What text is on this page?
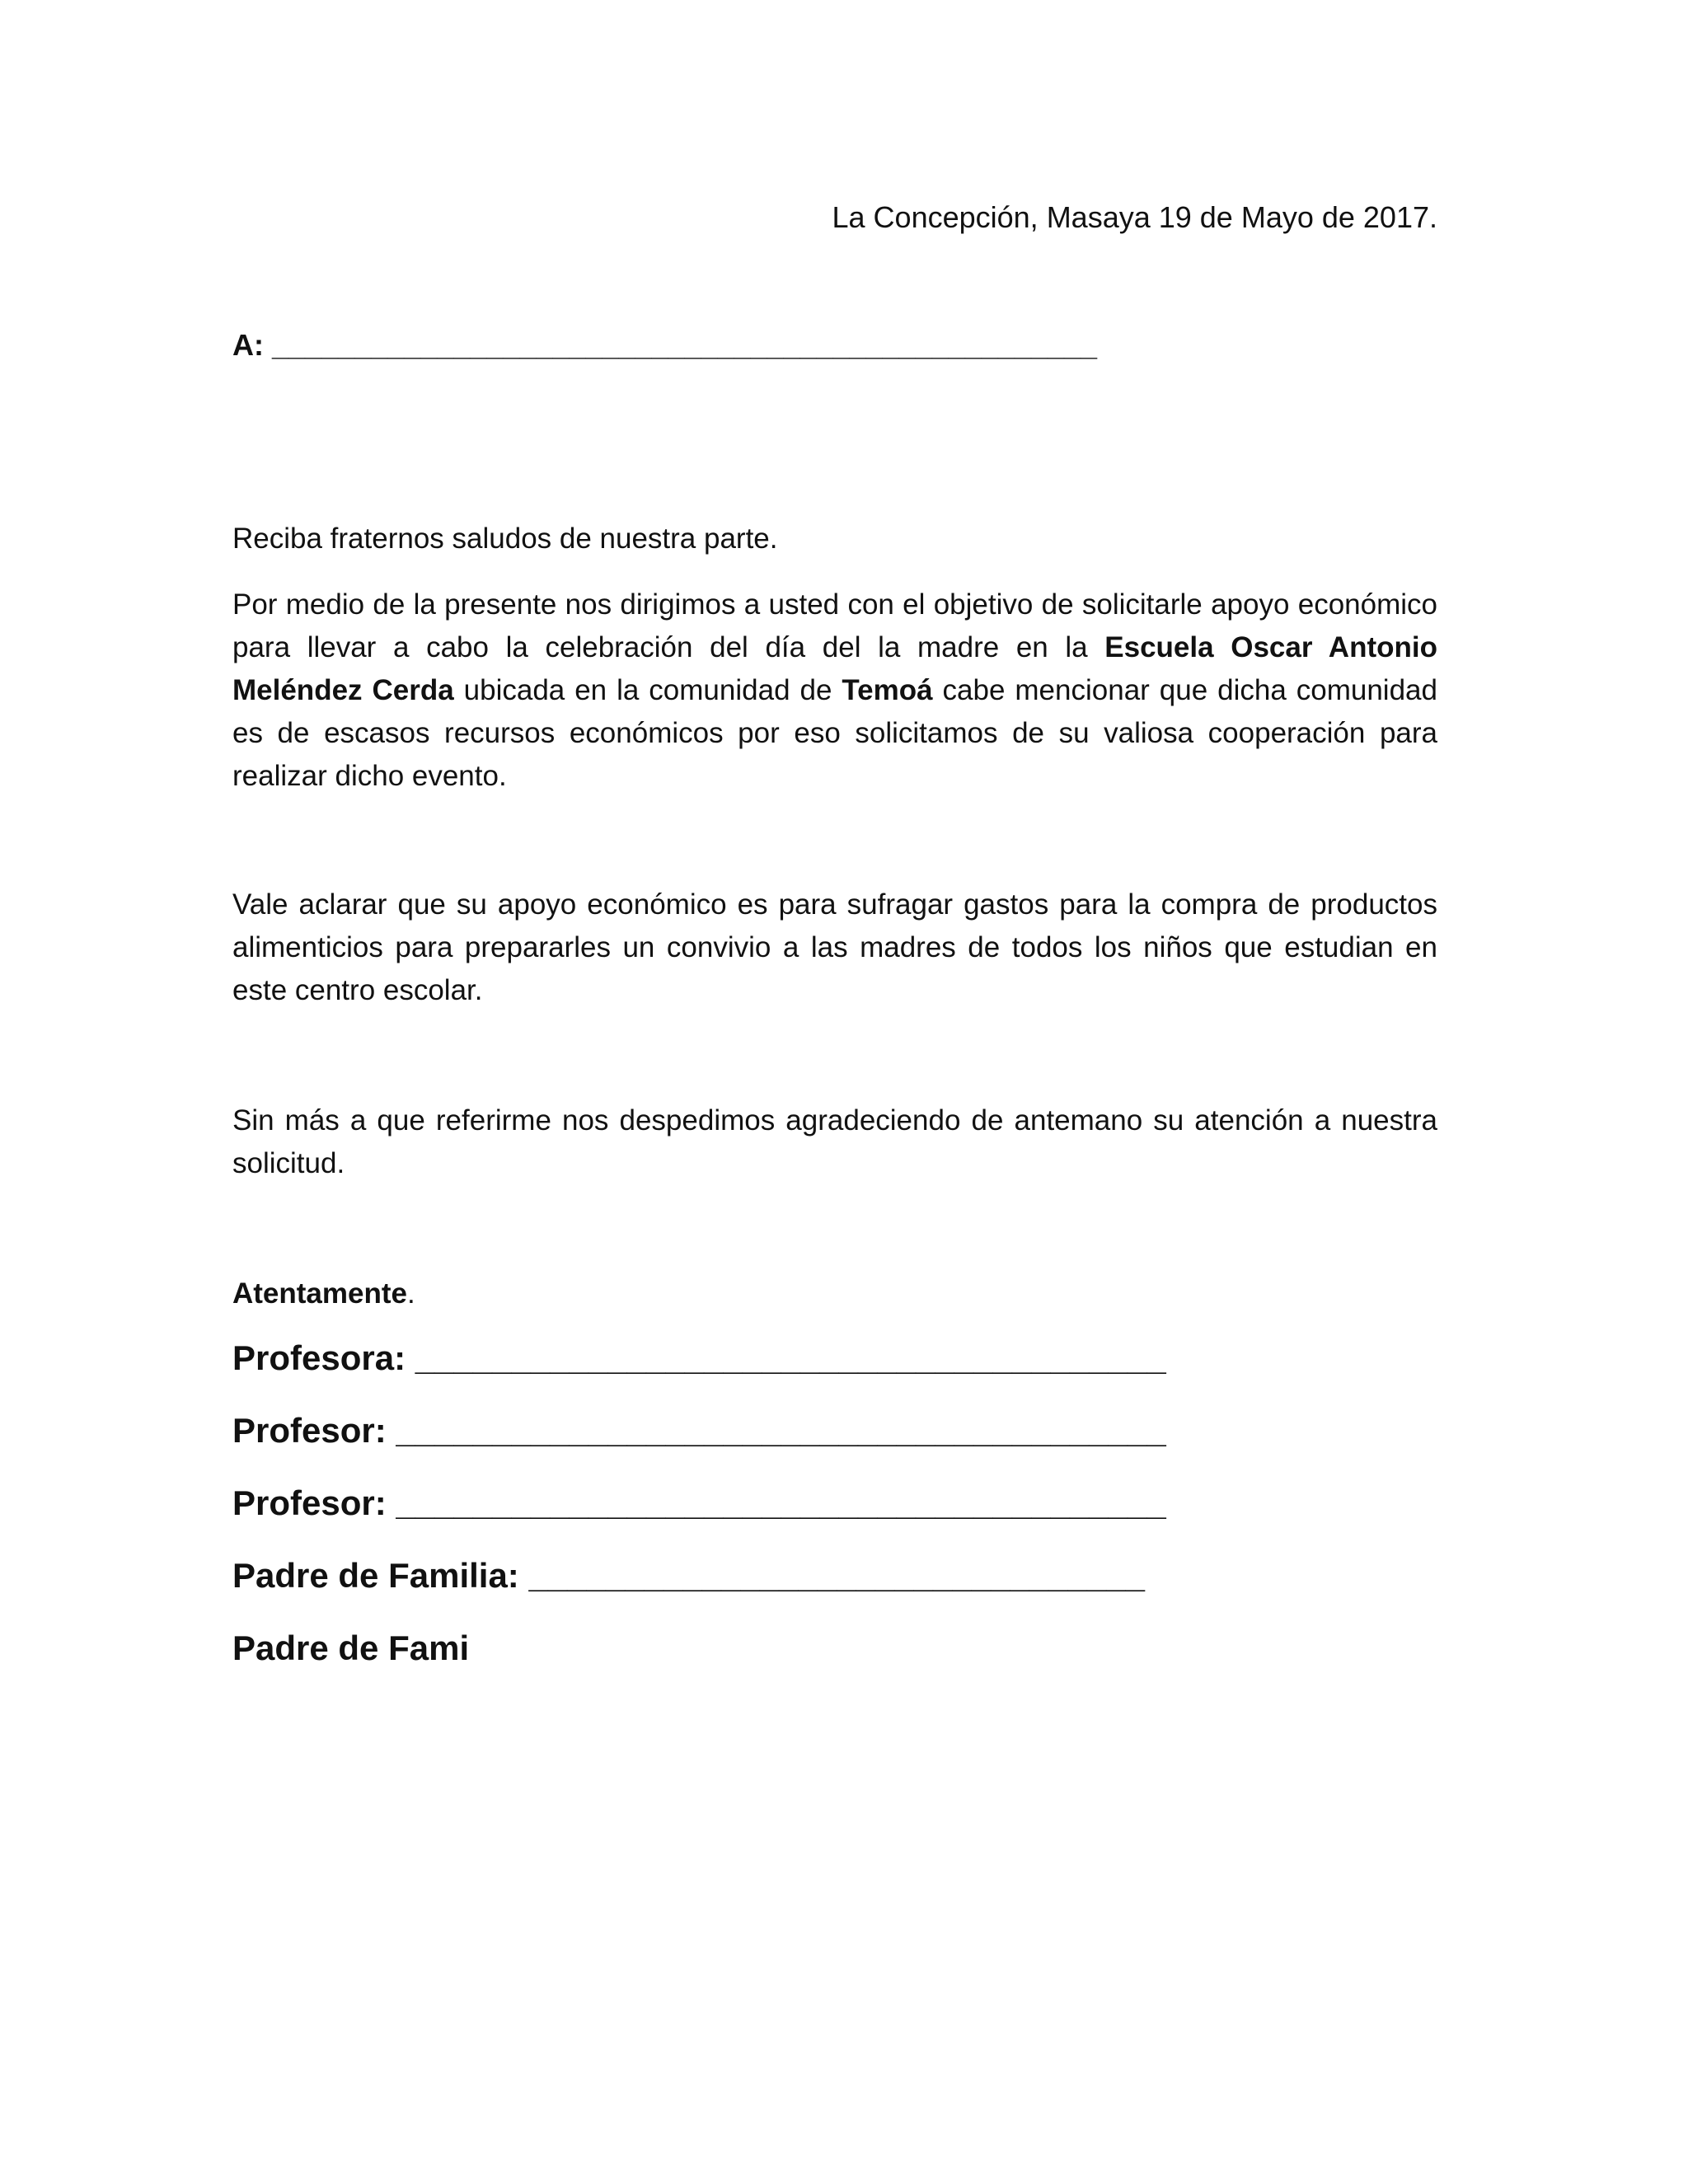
La Concepción, Masaya 19 de Mayo de 2017.
A: __________________________________________________

Reciba fraternos saludos de nuestra parte.

Por medio de la presente nos dirigimos a usted con el objetivo de solicitarle apoyo económico para llevar a cabo la celebración del día del la madre en la Escuela Oscar Antonio Meléndez Cerda ubicada en la comunidad de Temoá cabe mencionar que dicha comunidad es de escasos recursos económicos por eso solicitamos de su valiosa cooperación para realizar dicho evento.

Vale aclarar que su apoyo económico es para sufragar gastos para la compra de productos alimenticios para prepararles un convivio a las madres de todos los niños que estudian en este centro escolar.

Sin más a que referirme nos despedimos agradeciendo de antemano su atención a nuestra solicitud.

Atentamente.
Profesora: _______________________________________
Profesor: ________________________________________
Profesor: ________________________________________
Padre de Familia: ________________________________
Padre de Fami
